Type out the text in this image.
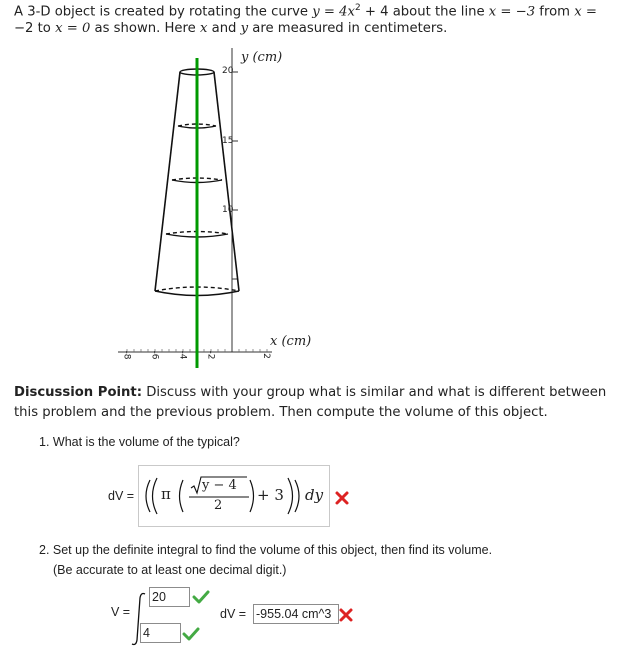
A 3-D object is created by rotating the curve $y = 4x^2 + 4$ about the line x = −3 from x =
−2 to x = 0 as shown. Here x and y are measured in centimeters.
y (cm)
x (cm)
20
15
10
-8 -6 -4 -2	2
Discussion Point: Discuss with your group what is similar and what is different between this problem and the previous problem. Then compute the volume of this object.
1. What is the volume of the typical?
dV = π y − 4
2
+ 3 dy
2. Set up the definite integral to find the volume of this object, then find its volume.
(Be accurate to at least one decimal digit.)
V =
20
4
dV = -955.04 cm^3
